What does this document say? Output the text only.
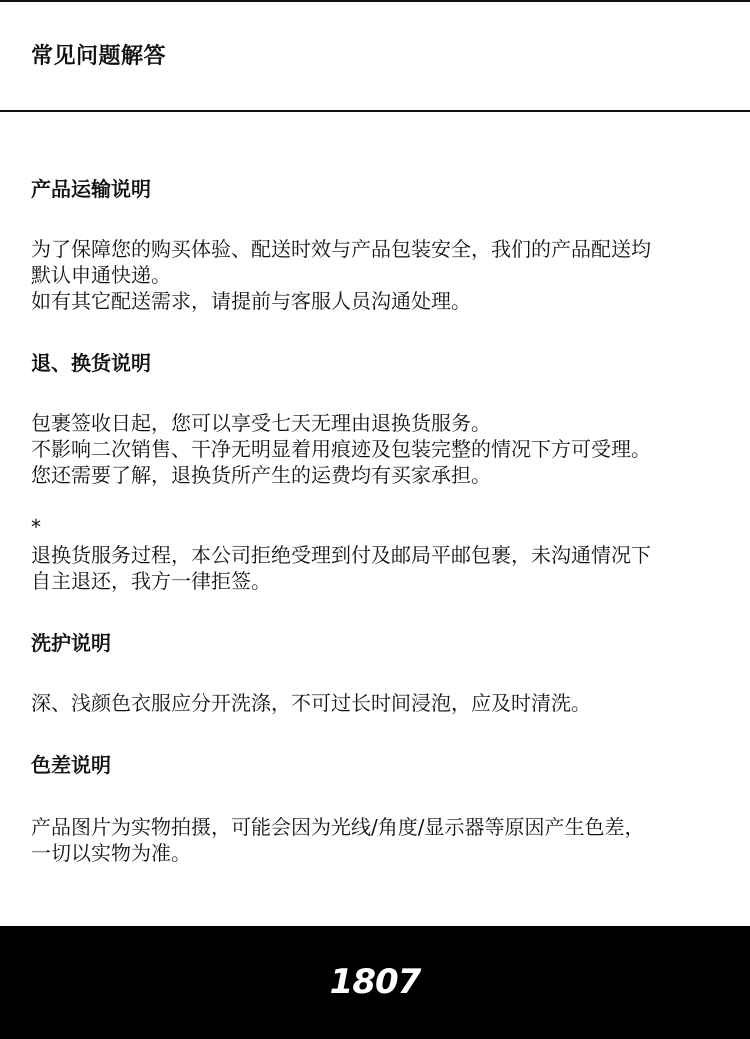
常见问题解答
产品运输说明
为了保障您的购买体验、配送时效与产品包装安全，我们的产品配送均
默认申通快递。
如有其它配送需求，请提前与客服人员沟通处理。
退、换货说明
包裹签收日起，您可以享受七天无理由退换货服务。
不影响二次销售、干净无明显着用痕迹及包装完整的情况下方可受理。
您还需要了解，退换货所产生的运费均有买家承担。
*
退换货服务过程，本公司拒绝受理到付及邮局平邮包裹，未沟通情况下
自主退还，我方一律拒签。
洗护说明
深、浅颜色衣服应分开洗涤，不可过长时间浸泡，应及时清洗。
色差说明
产品图片为实物拍摄，可能会因为光线/角度/显示器等原因产生色差，
一切以实物为准。
1807
